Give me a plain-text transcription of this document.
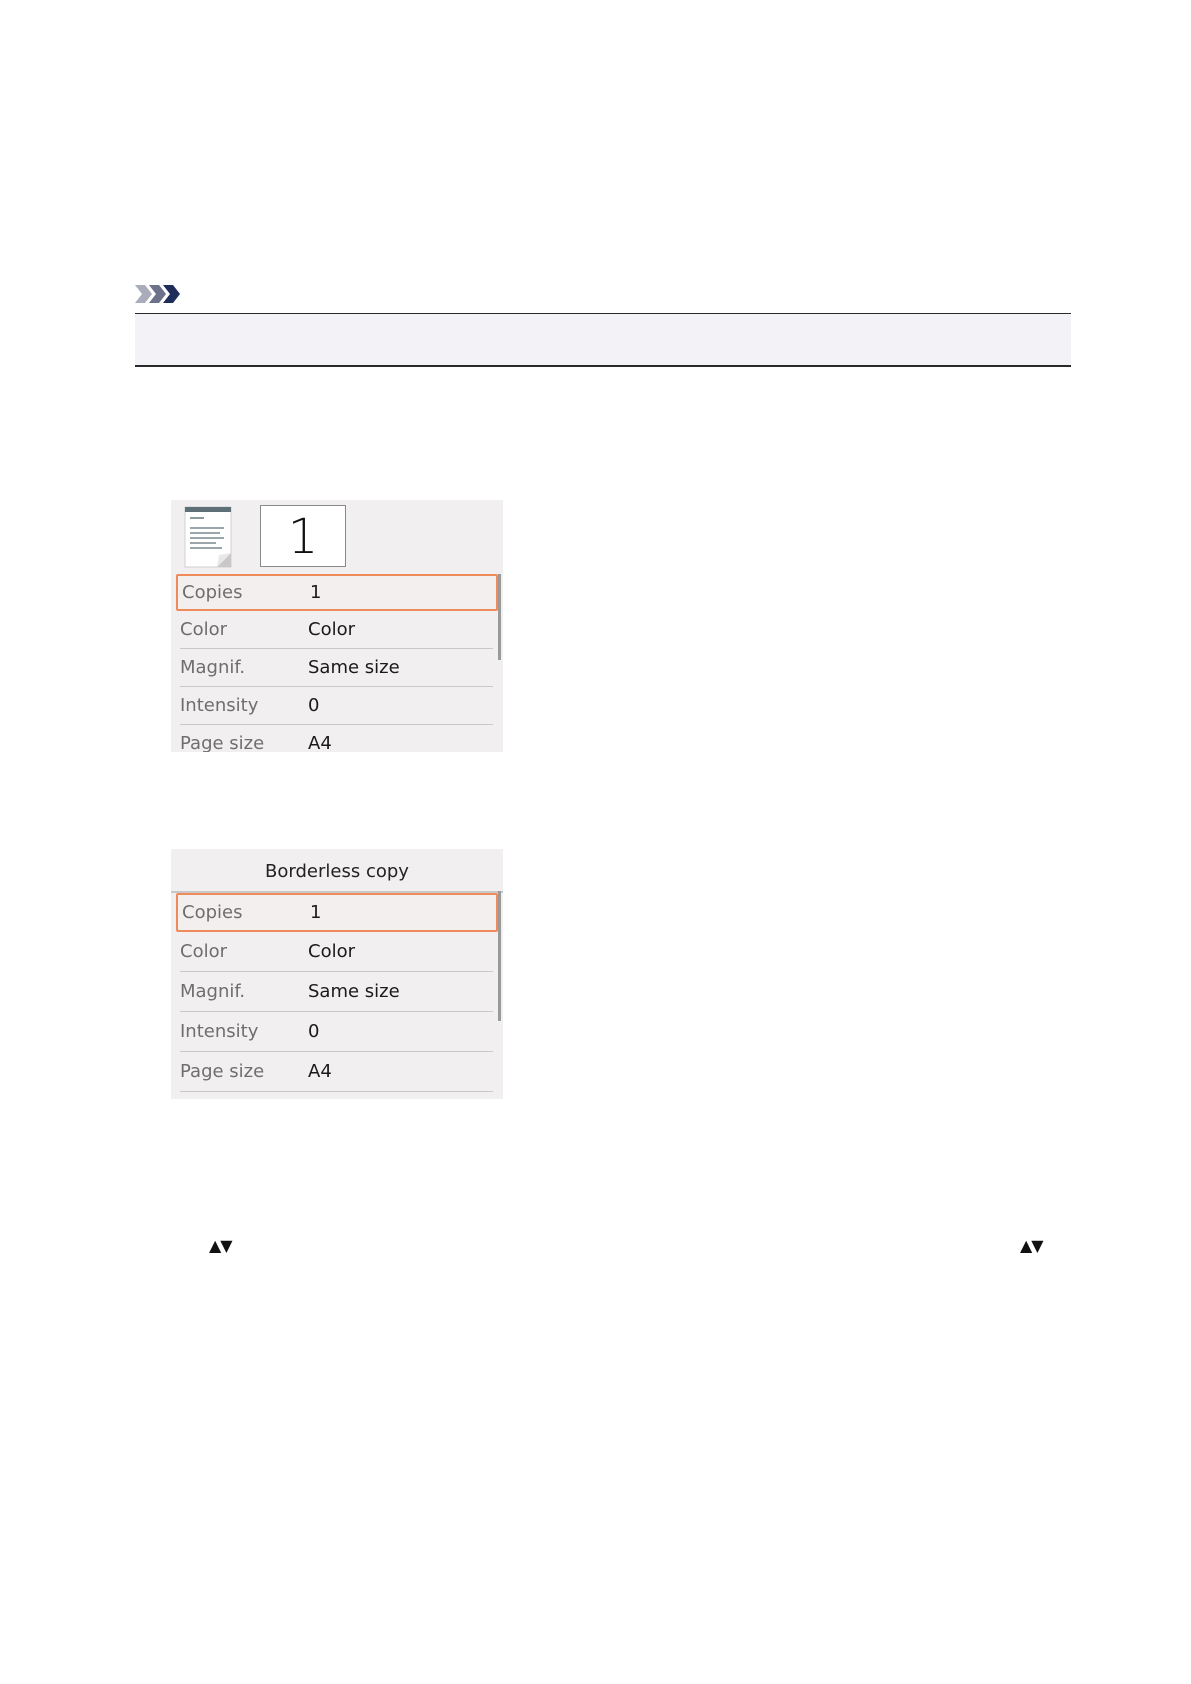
1
Copies	1
Color	Color
Magnif.	Same size
Intensity	0
Page size A4
Borderless copy
Copies	1
Color	Color
Magnif.	Same size
Intensity	0
Page size A4
▲▼	▲▼
